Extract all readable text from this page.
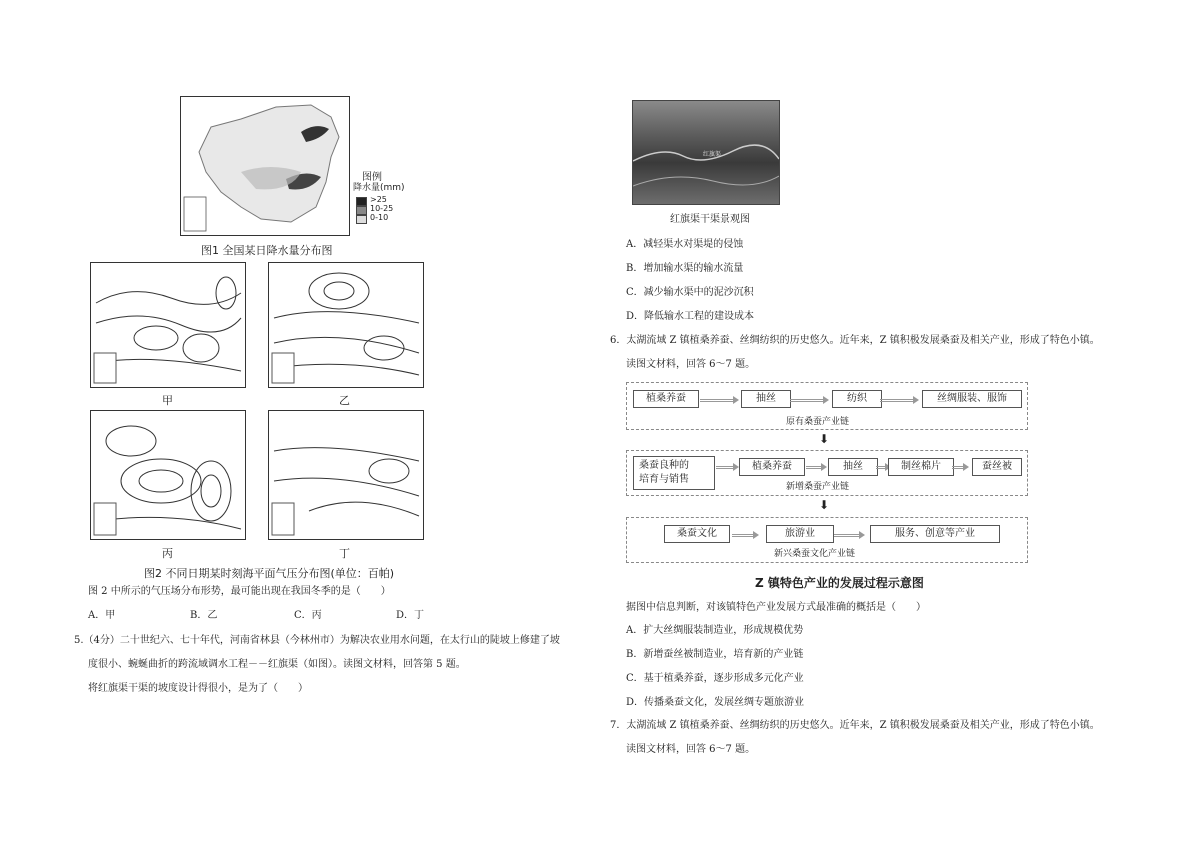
图例
降水量(mm)
>25
10-25
0-10
图1 全国某日降水量分布图
甲	乙
丙	丁
图2 不同日期某时刻海平面气压分布图(单位：百帕)
图 2 中所示的气压场分布形势，最可能出现在我国冬季的是（　　）
A．甲	B．乙	C．丙	D．丁
5.（4分）二十世纪六、七十年代，河南省林县（今林州市）为解决农业用水问题，在太行山的陡坡上修建了坡
度很小、蜿蜒曲折的跨流域调水工程－－红旗渠（如图）。读图文材料，回答第 5 题。
将红旗渠干渠的坡度设计得很小，是为了（　　）
红旗渠
红旗渠干渠景观图
A．减轻渠水对渠堤的侵蚀
B．增加输水渠的输水流量
C．减少输水渠中的泥沙沉积
D．降低输水工程的建设成本
6．太湖流域 Z 镇植桑养蚕、丝绸纺织的历史悠久。近年来，Z 镇积极发展桑蚕及相关产业，形成了特色小镇。
读图文材料，回答 6～7 题。
植桑养蚕	抽丝	纺织	丝绸服装、服饰
原有桑蚕产业链
⬇
桑蚕良种的
培育与销售
植桑养蚕	抽丝	制丝棉片	蚕丝被
新增桑蚕产业链
⬇
桑蚕文化	旅游业	服务、创意等产业
新兴桑蚕文化产业链
Z 镇特色产业的发展过程示意图
据图中信息判断，对该镇特色产业发展方式最准确的概括是（　　）
A．扩大丝绸服装制造业，形成规模优势
B．新增蚕丝被制造业，培育新的产业链
C．基于植桑养蚕，逐步形成多元化产业
D．传播桑蚕文化，发展丝绸专题旅游业
7．太湖流域 Z 镇植桑养蚕、丝绸纺织的历史悠久。近年来，Z 镇积极发展桑蚕及相关产业，形成了特色小镇。
读图文材料，回答 6～7 题。
